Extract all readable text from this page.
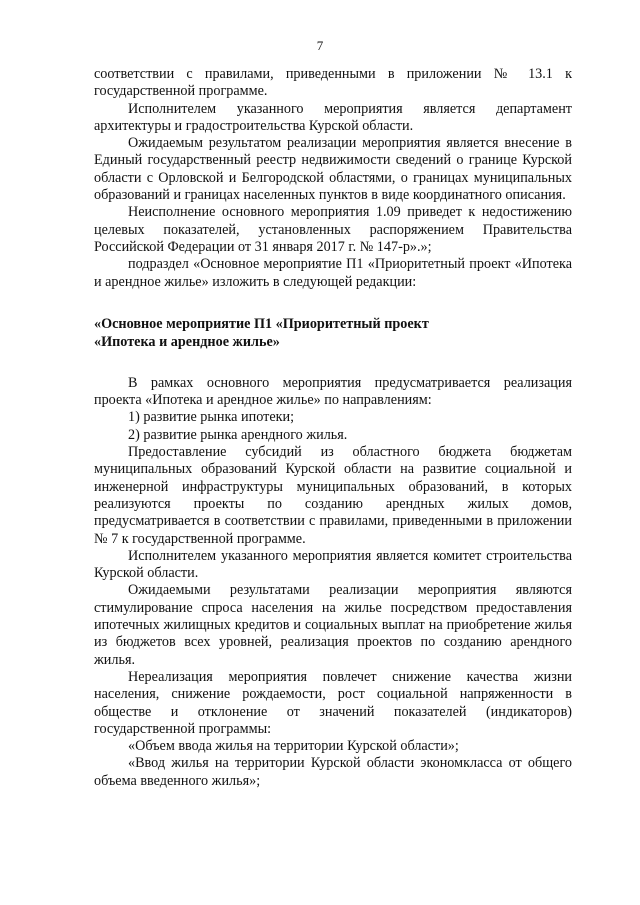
7

соответствии с правилами, приведенными в приложении № 13.1 к государственной программе.

Исполнителем указанного мероприятия является департамент архитектуры и градостроительства Курской области.

Ожидаемым результатом реализации мероприятия является внесение в Единый государственный реестр недвижимости сведений о границе Курской области с Орловской и Белгородской областями, о границах муниципальных образований и границах населенных пунктов в виде координатного описания.

Неисполнение основного мероприятия 1.09 приведет к недостижению целевых показателей, установленных распоряжением Правительства Российской Федерации от 31 января 2017 г. № 147-р».»;

подраздел «Основное мероприятие П1 «Приоритетный проект «Ипотека и арендное жилье» изложить в следующей редакции:

«Основное мероприятие П1 «Приоритетный проект
«Ипотека и арендное жилье»

В рамках основного мероприятия предусматривается реализация проекта «Ипотека и арендное жилье» по направлениям:

1) развитие рынка ипотеки;

2) развитие рынка арендного жилья.

Предоставление субсидий из областного бюджета бюджетам муниципальных образований Курской области на развитие социальной и инженерной инфраструктуры муниципальных образований, в которых реализуются проекты по созданию арендных жилых домов, предусматривается в соответствии с правилами, приведенными в приложении № 7 к государственной программе.

Исполнителем указанного мероприятия является комитет строительства Курской области.

Ожидаемыми результатами реализации мероприятия являются стимулирование спроса населения на жилье посредством предоставления ипотечных жилищных кредитов и социальных выплат на приобретение жилья из бюджетов всех уровней, реализация проектов по созданию арендного жилья.

Нереализация мероприятия повлечет снижение качества жизни населения, снижение рождаемости, рост социальной напряженности в обществе и отклонение от значений показателей (индикаторов) государственной программы:

«Объем ввода жилья на территории Курской области»;

«Ввод жилья на территории Курской области экономкласса от общего объема введенного жилья»;
